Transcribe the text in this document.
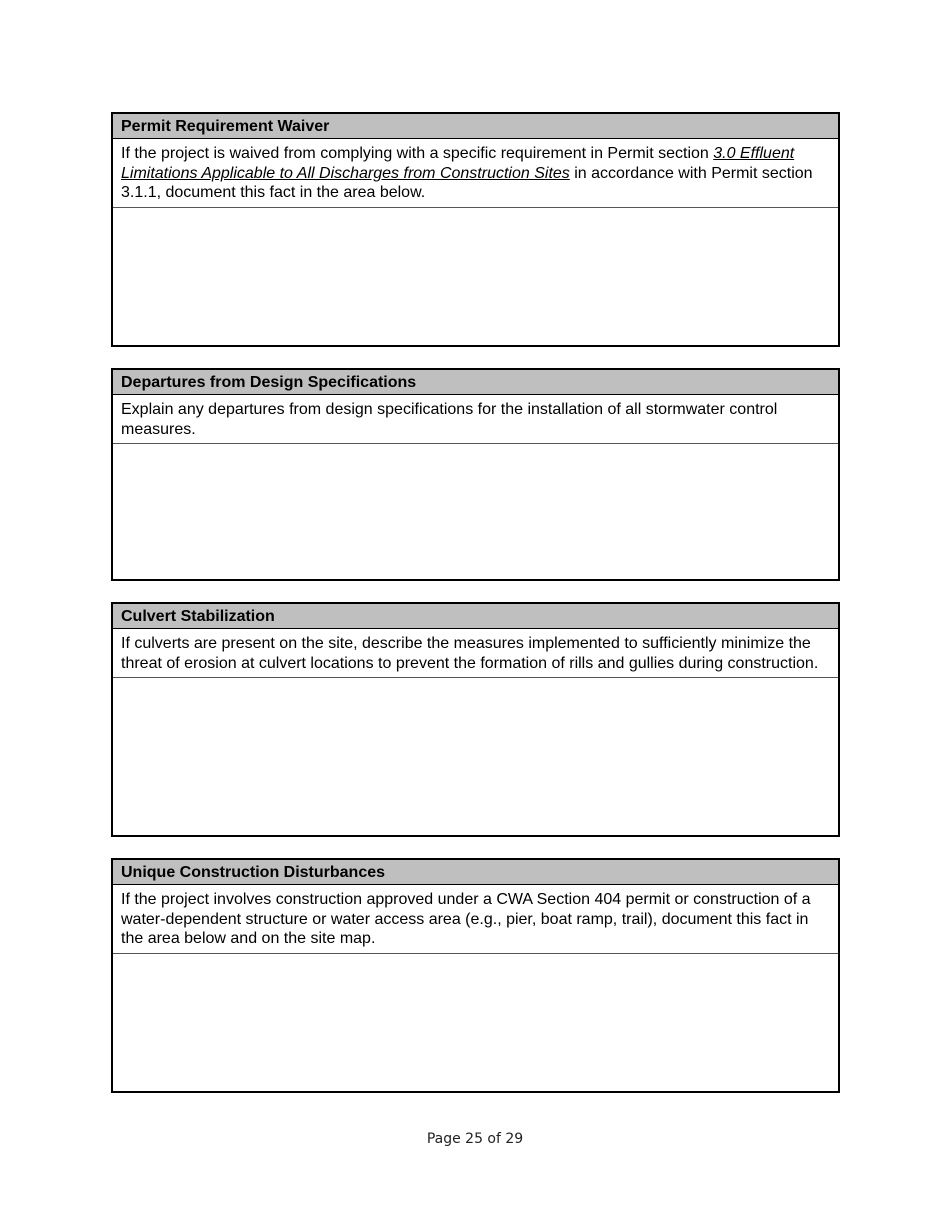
Permit Requirement Waiver
If the project is waived from complying with a specific requirement in Permit section 3.0 Effluent Limitations Applicable to All Discharges from Construction Sites in accordance with Permit section 3.1.1, document this fact in the area below.
Departures from Design Specifications
Explain any departures from design specifications for the installation of all stormwater control measures.
Culvert Stabilization
If culverts are present on the site, describe the measures implemented to sufficiently minimize the threat of erosion at culvert locations to prevent the formation of rills and gullies during construction.
Unique Construction Disturbances
If the project involves construction approved under a CWA Section 404 permit or construction of a water-dependent structure or water access area (e.g., pier, boat ramp, trail), document this fact in the area below and on the site map.
Page 25 of 29
